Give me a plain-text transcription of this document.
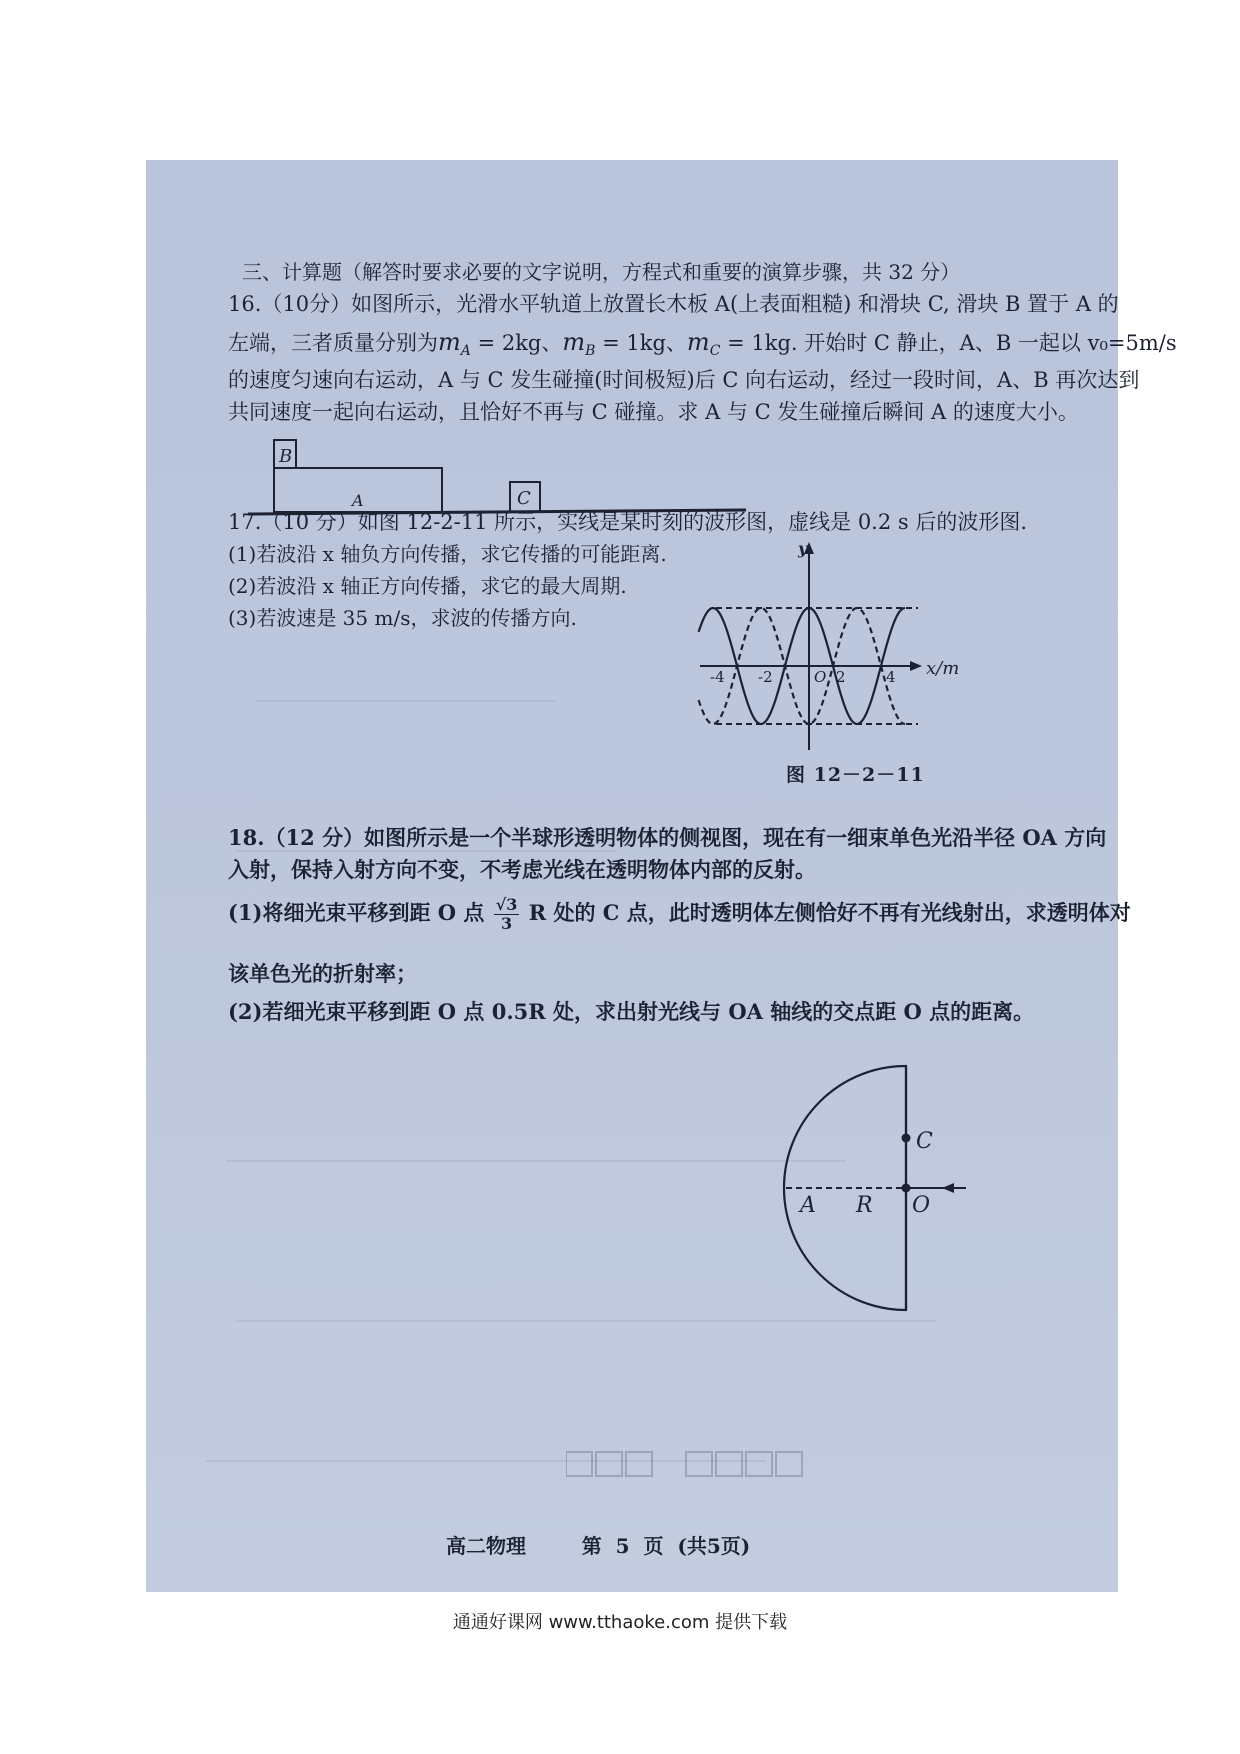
三、计算题（解答时要求必要的文字说明，方程式和重要的演算步骤，共 32 分）
16.（10分）如图所示，光滑水平轨道上放置长木板 A(上表面粗糙) 和滑块 C, 滑块 B 置于 A 的
左端，三者质量分别为$m_A = 2kg$、$m_B = 1kg$、$m_C = 1kg$. 开始时 C 静止，A、B 一起以 v₀=5m/s
的速度匀速向右运动，A 与 C 发生碰撞(时间极短)后 C 向右运动，经过一段时间，A、B 再次达到
共同速度一起向右运动，且恰好不再与 C 碰撞。求 A 与 C 发生碰撞后瞬间 A 的速度大小。
B
A	C
17.（10 分）如图 12-2-11 所示，实线是某时刻的波形图，虚线是 0.2 s 后的波形图.
(1)若波沿 x 轴负方向传播，求它传播的可能距离.
(2)若波沿 x 轴正方向传播，求它的最大周期.
(3)若波速是 35 m/s，求波的传播方向.
y
x/m
-4 -2	O 2	4
图 12－2－11
18.（12 分）如图所示是一个半球形透明物体的侧视图，现在有一细束单色光沿半径 OA 方向
入射，保持入射方向不变，不考虑光线在透明物体内部的反射。
(1)将细光束平移到距 O 点 $\frac{√3}{3}$ R 处的 C 点，此时透明体左侧恰好不再有光线射出，求透明体对
该单色光的折射率；
(2)若细光束平移到距 O 点 0.5R 处，求出射光线与 OA 轴线的交点距 O 点的距离。
C
A R O
高二物理        第  5  页  (共5页)
通通好课网 www.tthaoke.com 提供下载
